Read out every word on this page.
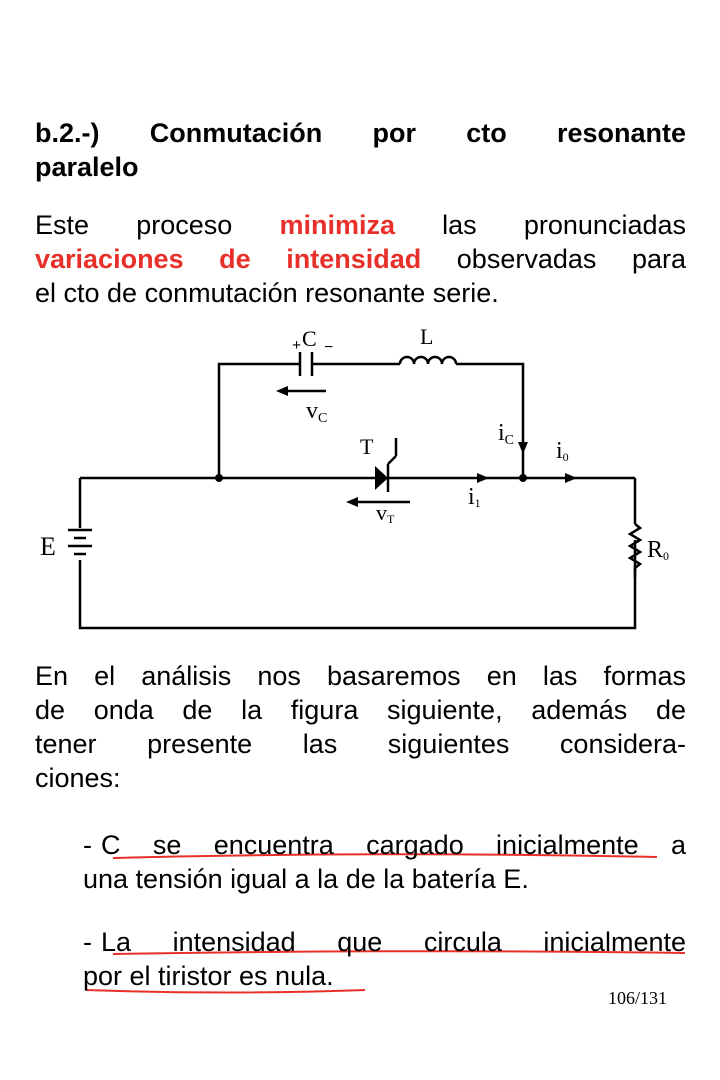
b.2.-) Conmutación por cto resonante
paralelo
Este proceso minimiza las pronunciadas
variaciones de intensidad observadas para
el cto de conmutación resonante serie.
+ C −	L
vC
iC i0
T
i1
vT
E	R0
En el análisis nos basaremos en las formas
de onda de la figura siguiente, además de
tener presente las siguientes considera-
ciones:
- C se encuentra cargado inicialmente a
una tensión igual a la de la batería E.
- La intensidad que circula inicialmente
por el tiristor es nula.
106/131
